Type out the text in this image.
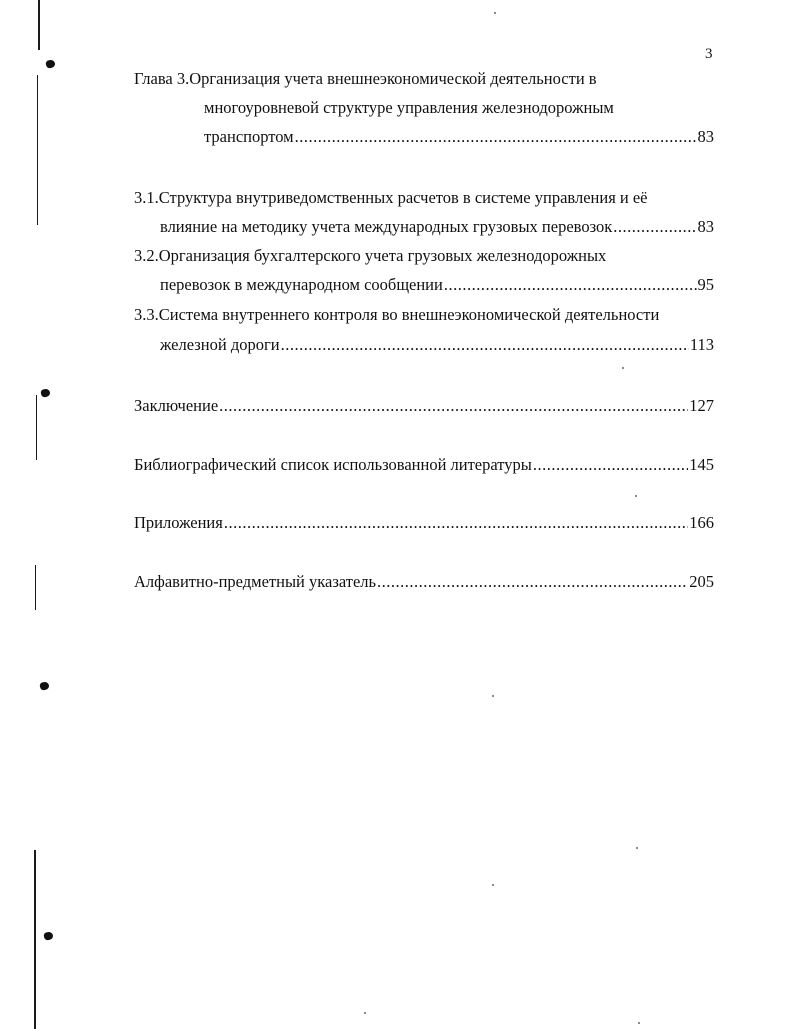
3
Глава 3.Организация учета внешнеэкономической деятельности в
многоуровневой структуре управления железнодорожным
транспортом .....	83
3.1.Структура внутриведомственных расчетов в системе управления и её
влияние на методику учета международных грузовых перевозок .....	83
3.2.Организация бухгалтерского учета грузовых железнодорожных
перевозок в международном сообщении .....	95
3.3.Система внутреннего контроля во внешнеэкономической деятельности
железной дороги .....	113
Заключение .....	127
Библиографический список использованной литературы .....	145
Приложения .....	166
Алфавитно-предметный указатель .....	205
